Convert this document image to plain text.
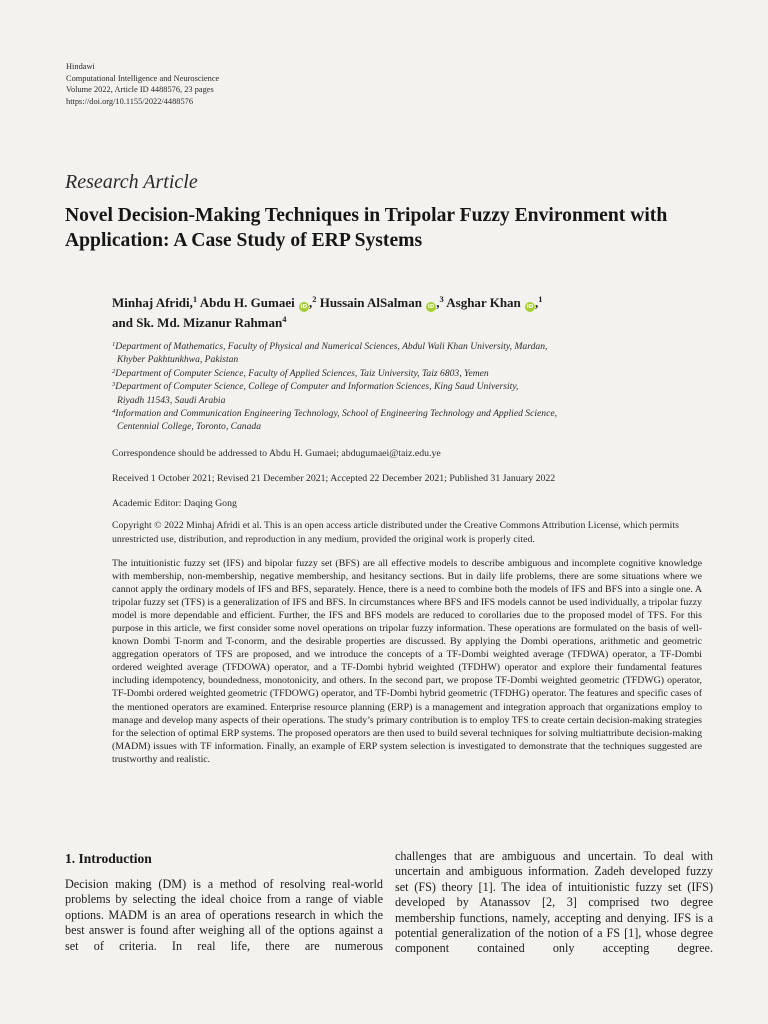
Hindawi
Computational Intelligence and Neuroscience
Volume 2022, Article ID 4488576, 23 pages
https://doi.org/10.1155/2022/4488576
Research Article
Novel Decision-Making Techniques in Tripolar Fuzzy Environment with Application: A Case Study of ERP Systems
Minhaj Afridi,$^1$ Abdu H. Gumaei iD ,$^2$ Hussain AlSalman iD ,$^3$ Asghar Khan iD ,$^1$
and Sk. Md. Mizanur Rahman$^4$
$^1$Department of Mathematics, Faculty of Physical and Numerical Sciences, Abdul Wali Khan University, Mardan,
Khyber Pakhtunkhwa, Pakistan
$^2$Department of Computer Science, Faculty of Applied Sciences, Taiz University, Taiz 6803, Yemen
$^3$Department of Computer Science, College of Computer and Information Sciences, King Saud University,
Riyadh 11543, Saudi Arabia
$^4$Information and Communication Engineering Technology, School of Engineering Technology and Applied Science,
Centennial College, Toronto, Canada
Correspondence should be addressed to Abdu H. Gumaei; abdugumaei@taiz.edu.ye
Received 1 October 2021; Revised 21 December 2021; Accepted 22 December 2021; Published 31 January 2022
Academic Editor: Daqing Gong
Copyright © 2022 Minhaj Afridi et al. This is an open access article distributed under the Creative Commons Attribution License, which permits unrestricted use, distribution, and reproduction in any medium, provided the original work is properly cited.
The intuitionistic fuzzy set (IFS) and bipolar fuzzy set (BFS) are all effective models to describe ambiguous and incomplete cognitive knowledge with membership, non-membership, negative membership, and hesitancy sections. But in daily life problems, there are some situations where we cannot apply the ordinary models of IFS and BFS, separately. Hence, there is a need to combine both the models of IFS and BFS into a single one. A tripolar fuzzy set (TFS) is a generalization of IFS and BFS. In circumstances where BFS and IFS models cannot be used individually, a tripolar fuzzy model is more dependable and efficient. Further, the IFS and BFS models are reduced to corollaries due to the proposed model of TFS. For this purpose in this article, we first consider some novel operations on tripolar fuzzy information. These operations are formulated on the basis of well-known Dombi T-norm and T-conorm, and the desirable properties are discussed. By applying the Dombi operations, arithmetic and geometric aggregation operators of TFS are proposed, and we introduce the concepts of a TF-Dombi weighted average (TFDWA) operator, a TF-Dombi ordered weighted average (TFDOWA) operator, and a TF-Dombi hybrid weighted (TFDHW) operator and explore their fundamental features including idempotency, boundedness, monotonicity, and others. In the second part, we propose TF-Dombi weighted geometric (TFDWG) operator, TF-Dombi ordered weighted geometric (TFDOWG) operator, and TF-Dombi hybrid geometric (TFDHG) operator. The features and specific cases of the mentioned operators are examined. Enterprise resource planning (ERP) is a management and integration approach that organizations employ to manage and develop many aspects of their operations. The study’s primary contribution is to employ TFS to create certain decision-making strategies for the selection of optimal ERP systems. The proposed operators are then used to build several techniques for solving multiattribute decision-making (MADM) issues with TF information. Finally, an example of ERP system selection is investigated to demonstrate that the techniques suggested are trustworthy and realistic.
1. Introduction
Decision making (DM) is a method of resolving real-world problems by selecting the ideal choice from a range of viable options. MADM is an area of operations research in which the best answer is found after weighing all of the options against a set of criteria. In real life, there are numerous
challenges that are ambiguous and uncertain. To deal with uncertain and ambiguous information. Zadeh developed fuzzy set (FS) theory [1]. The idea of intuitionistic fuzzy set (IFS) developed by Atanassov [2, 3] comprised two degree membership functions, namely, accepting and denying. IFS is a potential generalization of the notion of a FS [1], whose degree component contained only accepting degree.
